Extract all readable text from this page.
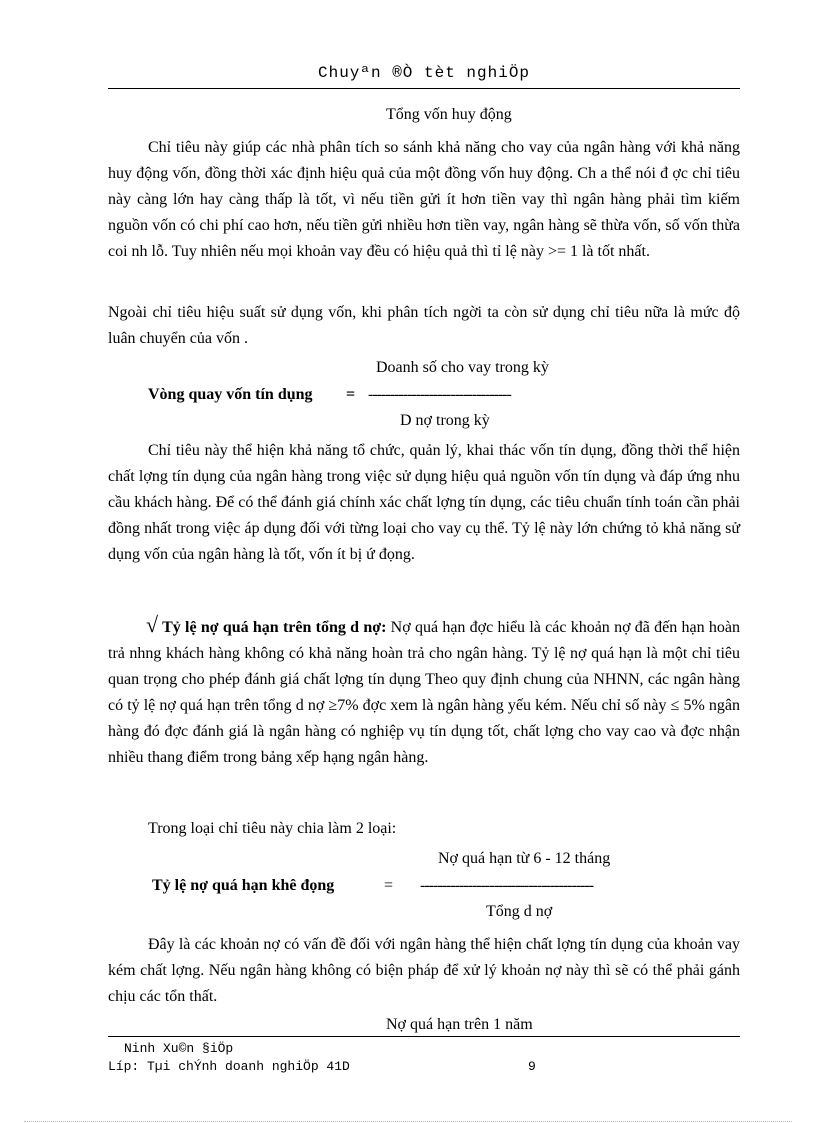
Chuyªn ®Ò tèt nghiÖp
Tổng vốn huy động

Chỉ tiêu này giúp các nhà phân tích so sánh khả năng cho vay của ngân hàng với khả năng huy động vốn, đồng thời xác định hiệu quả của một đồng vốn huy động. Ch a thể nói đ ợc chỉ tiêu này càng lớn hay càng thấp là tốt, vì nếu tiền gửi ít hơn tiền vay thì ngân hàng phải tìm kiếm nguồn vốn có chi phí cao hơn, nếu tiền gửi nhiều hơn tiền vay, ngân hàng sẽ thừa vốn, số vốn thừa coi nh lỗ. Tuy nhiên nếu mọi khoản vay đều có hiệu quả thì tỉ lệ này >= 1 là tốt nhất.

Ngoài chỉ tiêu hiệu suất sử dụng vốn, khi phân tích ngời ta còn sử dụng chỉ tiêu nữa là mức độ luân chuyển của vốn .

Doanh số cho vay trong kỳ
Vòng quay vốn tín dụng = ---------------------------------
D nợ trong kỳ

Chỉ tiêu này thể hiện khả năng tổ chức, quản lý, khai thác vốn tín dụng, đồng thời thể hiện chất lợng tín dụng của ngân hàng trong việc sử dụng hiệu quả nguồn vốn tín dụng và đáp ứng nhu cầu khách hàng. Để có thể đánh giá chính xác chất lợng tín dụng, các tiêu chuẩn tính toán cần phải đồng nhất trong việc áp dụng đối với từng loại cho vay cụ thể. Tỷ lệ này lớn chứng tỏ khả năng sử dụng vốn của ngân hàng là tốt, vốn ít bị ứ đọng.

√ Tỷ lệ nợ quá hạn trên tổng d nợ: Nợ quá hạn đợc hiểu là các khoản nợ đã đến hạn hoàn trả nhng khách hàng không có khả năng hoàn trả cho ngân hàng. Tỷ lệ nợ quá hạn là một chỉ tiêu quan trọng cho phép đánh giá chất lợng tín dụng Theo quy định chung của NHNN, các ngân hàng có tỷ lệ nợ quá hạn trên tổng d nợ ≥7% đợc xem là ngân hàng yếu kém. Nếu chỉ số này ≤ 5% ngân hàng đó đợc đánh giá là ngân hàng có nghiệp vụ tín dụng tốt, chất lợng cho vay cao và đợc nhận nhiều thang điểm trong bảng xếp hạng ngân hàng.

Trong loại chỉ tiêu này chia làm 2 loại:
Nợ quá hạn từ 6 - 12 tháng
Tỷ lệ nợ quá hạn khê đọng	= ----------------------------------------
Tổng d nợ

Đây là các khoản nợ có vấn đề đối với ngân hàng thể hiện chất lợng tín dụng của khoản vay kém chất lợng. Nếu ngân hàng không có biện pháp để xử lý khoản nợ này thì sẽ có thể phải gánh chịu các tổn thất.

Nợ quá hạn trên 1 năm
Ninh Xu©n §iÖp
Líp: Tµi chÝnh doanh nghiÖp 41D	9
